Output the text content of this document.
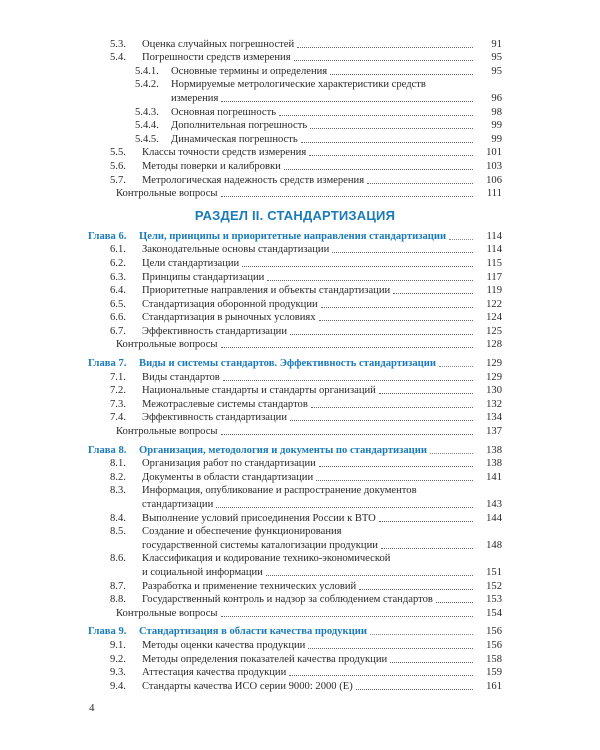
5.3.	Оценка случайных погрешностей	91
5.4.	Погрешности средств измерения	95
5.4.1.	Основные термины и определения	95
5.4.2.	Нормируемые метрологические характеристики средств
измерения	96
5.4.3.	Основная погрешность	98
5.4.4.	Дополнительная погрешность	99
5.4.5.	Динамическая погрешность	99
5.5.	Классы точности средств измерения	101
5.6.	Методы поверки и калибровки	103
5.7.	Метрологическая надежность средств измерения	106
Контрольные вопросы	111
РАЗДЕЛ II. СТАНДАРТИЗАЦИЯ
Глава 6.	Цели, принципы и приоритетные направления стандартизации	114
6.1.	Законодательные основы стандартизации	114
6.2.	Цели стандартизации	115
6.3.	Принципы стандартизации	117
6.4.	Приоритетные направления и объекты стандартизации	119
6.5.	Стандартизация оборонной продукции	122
6.6.	Стандартизация в рыночных условиях	124
6.7.	Эффективность стандартизации	125
Контрольные вопросы	128
Глава 7.	Виды и системы стандартов. Эффективность стандартизации	129
7.1.	Виды стандартов	129
7.2.	Национальные стандарты и стандарты организаций	130
7.3.	Межотраслевые системы стандартов	132
7.4.	Эффективность стандартизации	134
Контрольные вопросы	137
Глава 8.	Организация, методология и документы по стандартизации	138
8.1.	Организация работ по стандартизации	138
8.2.	Документы в области стандартизации	141
8.3.	Информация, опубликование и распространение документов
стандартизации	143
8.4.	Выполнение условий присоединения России к ВТО	144
8.5.	Создание и обеспечение функционирования
государственной системы каталогизации продукции	148
8.6.	Классификация и кодирование технико-экономической
и социальной информации	151
8.7.	Разработка и применение технических условий	152
8.8.	Государственный контроль и надзор за соблюдением стандартов	153
Контрольные вопросы	154
Глава 9.	Стандартизация в области качества продукции	156
9.1.	Методы оценки качества продукции	156
9.2.	Методы определения показателей качества продукции	158
9.3.	Аттестация качества продукции	159
9.4.	Стандарты качества ИСО серии 9000: 2000 (Е)	161
4
